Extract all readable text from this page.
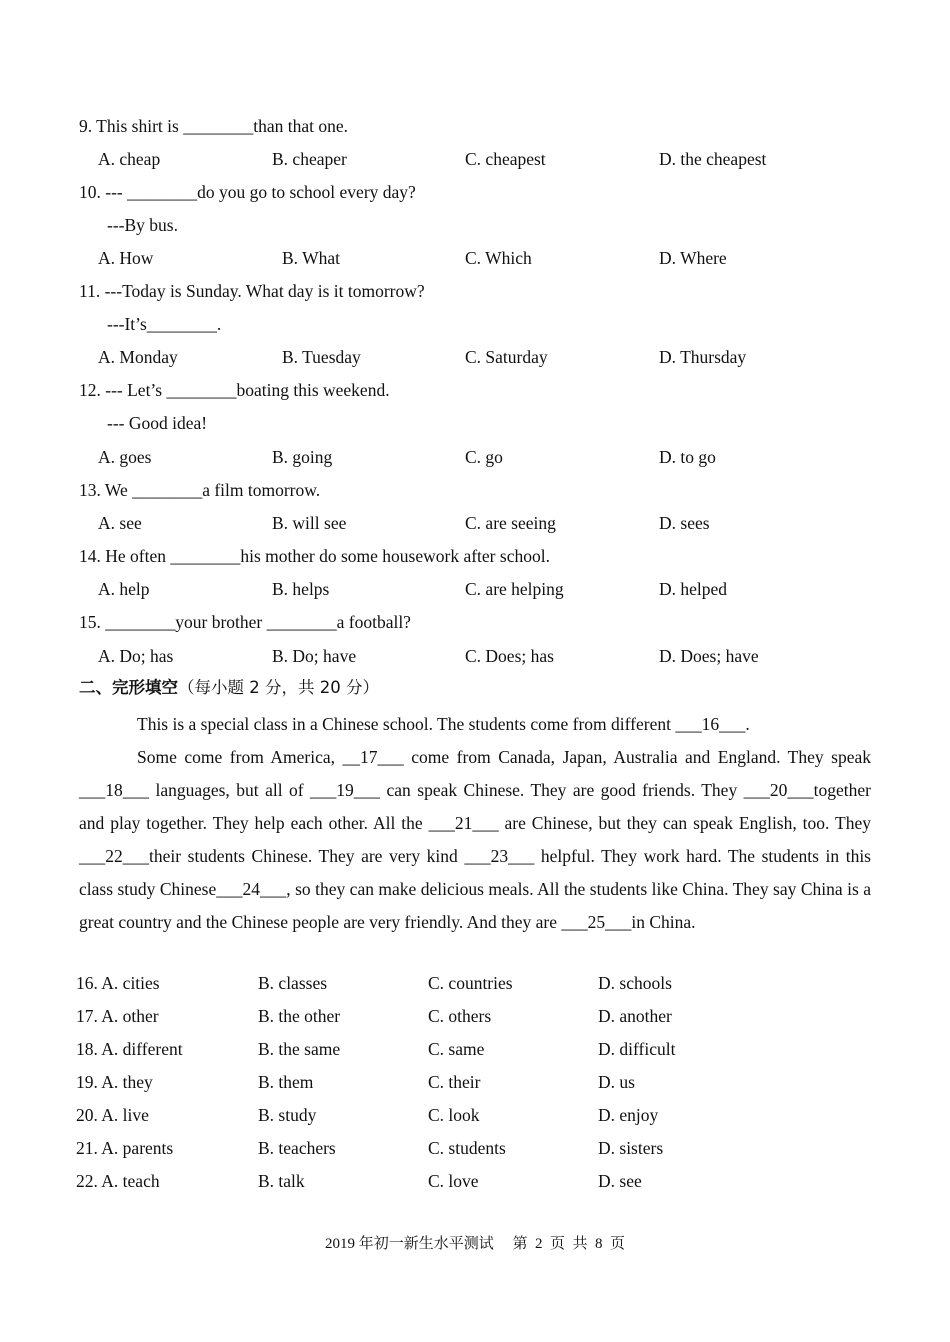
9. This shirt is ________than that one.
A. cheap	B. cheaper	C. cheapest	D. the cheapest
10. --- ________do you go to school every day?
---By bus.
A. How	B. What	C. Which	D. Where
11. ---Today is Sunday. What day is it tomorrow?
---It’s________.
A. Monday	B. Tuesday	C. Saturday	D. Thursday
12. --- Let’s ________boating this weekend.
--- Good idea!
A. goes	B. going	C. go	D. to go
13. We ________a film tomorrow.
A. see	B. will see	C. are seeing	D. sees
14. He often ________his mother do some housework after school.
A. help	B. helps	C. are helping	D. helped
15. ________your brother ________a football?
A. Do; has	B. Do; have	C. Does; has	D. Does; have
二、完形填空（每小题 2 分，共 20 分）

This is a special class in a Chinese school. The students come from different ___16___.

Some come from America, __17___ come from Canada, Japan, Australia and England. They speak ___18___ languages, but all of ___19___ can speak Chinese. They are good friends. They ___20___together and play together. They help each other. All the ___21___ are Chinese, but they can speak English, too. They ___22___their students Chinese. They are very kind ___23___ helpful. They work hard. The students in this class study Chinese___24___, so they can make delicious meals. All the students like China. They say China is a great country and the Chinese people are very friendly. And they are ___25___in China.

16. A. cities	B. classes	C. countries	D. schools
17. A. other	B. the other	C. others	D. another
18. A. different	B. the same	C. same	D. difficult
19. A. they	B. them	C. their	D. us
20. A. live	B. study	C. look	D. enjoy
21. A. parents	B. teachers	C. students	D. sisters
22. A. teach	B. talk	C. love	D. see
2019 年初一新生水平测试 第  2  页  共  8  页
